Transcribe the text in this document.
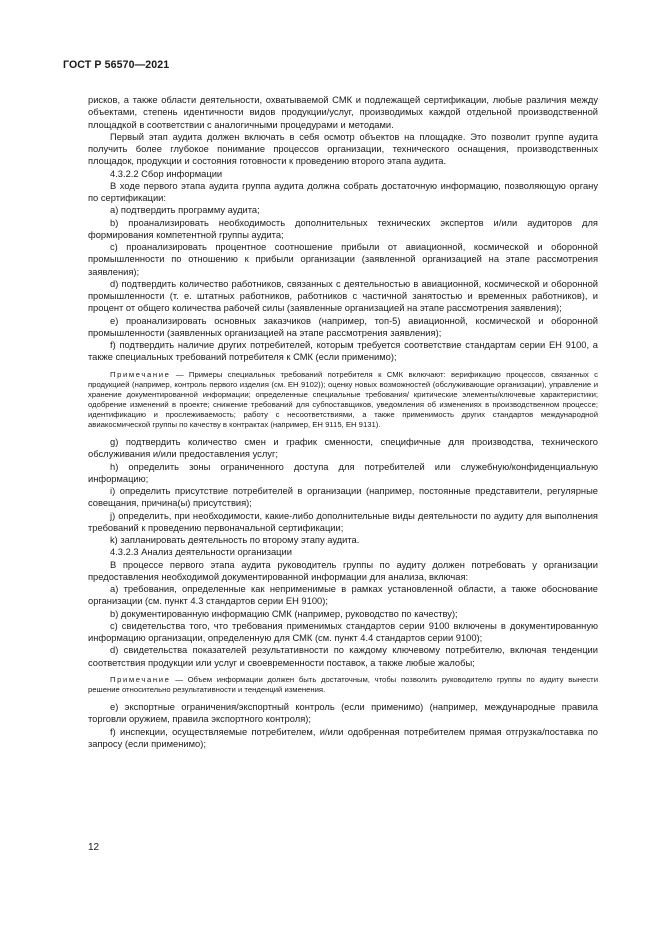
ГОСТ Р 56570—2021

рисков, а также области деятельности, охватываемой СМК и подлежащей сертификации, любые различия между объектами, степень идентичности видов продукции/услуг, производимых каждой отдельной производственной площадкой в соответствии с аналогичными процедурами и методами.

Первый этап аудита должен включать в себя осмотр объектов на площадке. Это позволит группе аудита получить более глубокое понимание процессов организации, технического оснащения, производственных площадок, продукции и состояния готовности к проведению второго этапа аудита.

4.3.2.2 Сбор информации

В ходе первого этапа аудита группа аудита должна собрать достаточную информацию, позволяющую органу по сертификации:

a) подтвердить программу аудита;

b) проанализировать необходимость дополнительных технических экспертов и/или аудиторов для формирования компетентной группы аудита;

c) проанализировать процентное соотношение прибыли от авиационной, космической и оборонной промышленности по отношению к прибыли организации (заявленной организацией на этапе рассмотрения заявления);

d) подтвердить количество работников, связанных с деятельностью в авиационной, космической и оборонной промышленности (т. е. штатных работников, работников с частичной занятостью и временных работников), и процент от общего количества рабочей силы (заявленные организацией на этапе рассмотрения заявления);

e) проанализировать основных заказчиков (например, топ-5) авиационной, космической и оборонной промышленности (заявленных организацией на этапе рассмотрения заявления);

f) подтвердить наличие других потребителей, которым требуется соответствие стандартам серии ЕН 9100, а также специальных требований потребителя к СМК (если применимо);

Примечание — Примеры специальных требований потребителя к СМК включают: верификацию процессов, связанных с продукцией (например, контроль первого изделия (см. ЕН 9102)); оценку новых возможностей (обслуживающие организации), управление и хранение документированной информации; определенные специальные требования/ критические элементы/ключевые характеристики; одобрение изменений в проекте; снижение требований для субпоставщиков, уведомления об изменениях в производственном процессе; идентификацию и прослеживаемость; работу с несоответствиями, а также применимость других стандартов международной авиакосмической группы по качеству в контрактах (например, ЕН 9115, ЕН 9131).

g) подтвердить количество смен и график сменности, специфичные для производства, технического обслуживания и/или предоставления услуг;

h) определить зоны ограниченного доступа для потребителей или служебную/конфиденциальную информацию;

i) определить присутствие потребителей в организации (например, постоянные представители, регулярные совещания, причина(ы) присутствия);

j) определить, при необходимости, какие-либо дополнительные виды деятельности по аудиту для выполнения требований к проведению первоначальной сертификации;

k) запланировать деятельность по второму этапу аудита.

4.3.2.3 Анализ деятельности организации

В процессе первого этапа аудита руководитель группы по аудиту должен потребовать у организации предоставления необходимой документированной информации для анализа, включая:

a) требования, определенные как неприменимые в рамках установленной области, а также обоснование организации (см. пункт 4.3 стандартов серии ЕН 9100);

b) документированную информацию СМК (например, руководство по качеству);

c) свидетельства того, что требования применимых стандартов серии 9100 включены в документированную информацию организации, определенную для СМК (см. пункт 4.4 стандартов серии 9100);

d) свидетельства показателей результативности по каждому ключевому потребителю, включая тенденции соответствия продукции или услуг и своевременности поставок, а также любые жалобы;

Примечание — Объем информации должен быть достаточным, чтобы позволить руководителю группы по аудиту вынести решение относительно результативности и тенденций изменения.

e) экспортные ограничения/экспортный контроль (если применимо) (например, международные правила торговли оружием, правила экспортного контроля);

f) инспекции, осуществляемые потребителем, и/или одобренная потребителем прямая отгрузка/поставка по запросу (если применимо);

12
